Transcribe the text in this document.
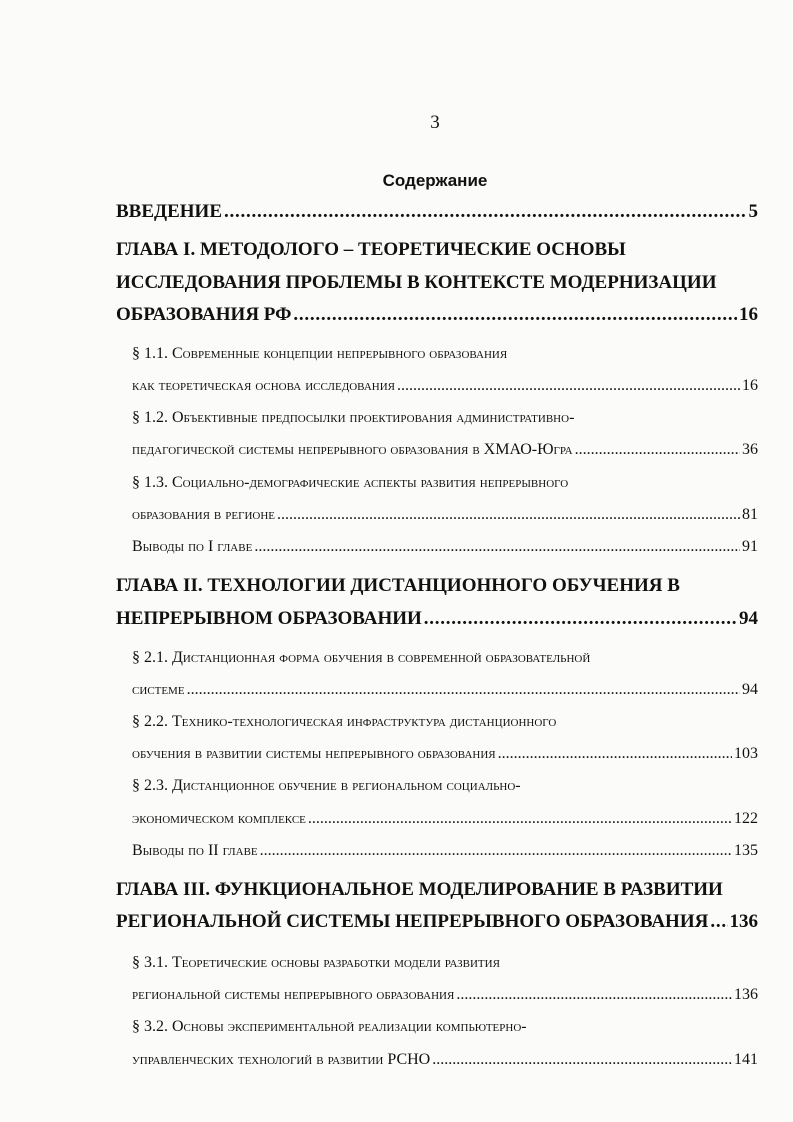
3
Содержание
ВВЕДЕНИЕ . . .	5
ГЛАВА I. МЕТОДОЛОГО – ТЕОРЕТИЧЕСКИЕ ОСНОВЫ
ИССЛЕДОВАНИЯ ПРОБЛЕМЫ В КОНТЕКСТЕ МОДЕРНИЗАЦИИ
ОБРАЗОВАНИЯ РФ . . .	16
§ 1.1. Современные концепции непрерывного образования
как теоретическая основа исследования . . .	16
§ 1.2. Объективные предпосылки проектирования административно-
педагогической системы непрерывного образования в ХМАО-Югра . . .	36
§ 1.3. Социально-демографические аспекты развития непрерывного
образования в регионе . . .	81
Выводы по I главе . . .	91
ГЛАВА II. ТЕХНОЛОГИИ ДИСТАНЦИОННОГО ОБУЧЕНИЯ В
НЕПРЕРЫВНОМ ОБРАЗОВАНИИ . . .	94
§ 2.1. Дистанционная форма обучения в современной образовательной
системе . . .	94
§ 2.2. Технико-технологическая инфраструктура дистанционного
обучения в развитии системы непрерывного образования . . .	103
§ 2.3. Дистанционное обучение в региональном социально-
экономическом комплексе . . .	122
Выводы по II главе . . .	135
ГЛАВА III. ФУНКЦИОНАЛЬНОЕ МОДЕЛИРОВАНИЕ В РАЗВИТИИ
РЕГИОНАЛЬНОЙ СИСТЕМЫ НЕПРЕРЫВНОГО ОБРАЗОВАНИЯ . . . 136
§ 3.1. Теоретические основы разработки модели развития
региональной системы непрерывного образования . . .	136
§ 3.2. Основы экспериментальной реализации компьютерно-
управленческих технологий в развитии РСНО . . .	141
